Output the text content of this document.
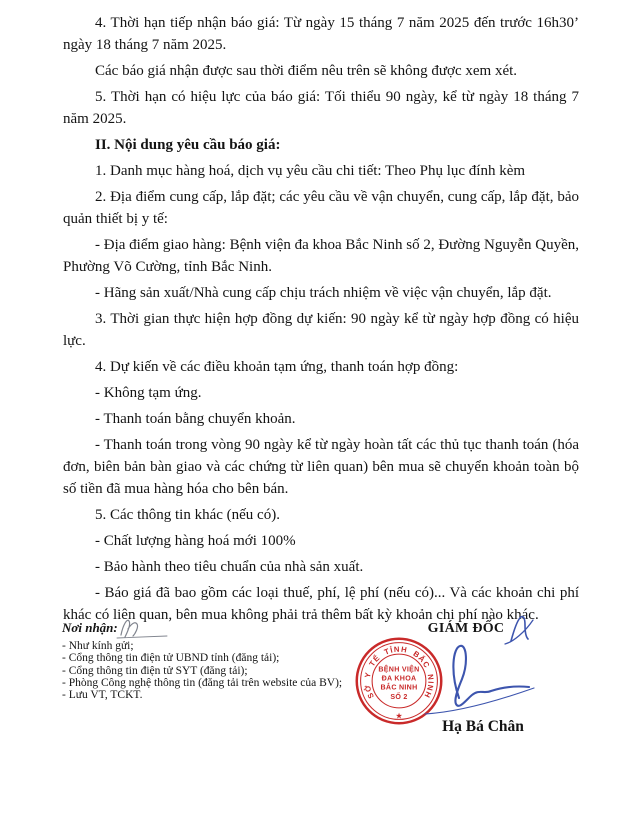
4. Thời hạn tiếp nhận báo giá: Từ ngày 15 tháng 7 năm 2025 đến trước 16h30’ ngày 18 tháng 7 năm 2025.

Các báo giá nhận được sau thời điểm nêu trên sẽ không được xem xét.

5. Thời hạn có hiệu lực của báo giá: Tối thiểu 90 ngày, kể từ ngày 18 tháng 7 năm 2025.

II. Nội dung yêu cầu báo giá:

1. Danh mục hàng hoá, dịch vụ yêu cầu chi tiết: Theo Phụ lục đính kèm

2. Địa điểm cung cấp, lắp đặt; các yêu cầu về vận chuyển, cung cấp, lắp đặt, bảo quản thiết bị y tế:

- Địa điểm giao hàng: Bệnh viện đa khoa Bắc Ninh số 2, Đường Nguyễn Quyền, Phường Võ Cường, tỉnh Bắc Ninh.

- Hãng sản xuất/Nhà cung cấp chịu trách nhiệm về việc vận chuyển, lắp đặt.

3. Thời gian thực hiện hợp đồng dự kiến: 90 ngày kể từ ngày hợp đồng có hiệu lực.

4. Dự kiến về các điều khoản tạm ứng, thanh toán hợp đồng:

- Không tạm ứng.

- Thanh toán bằng chuyển khoản.

- Thanh toán trong vòng 90 ngày kể từ ngày hoàn tất các thủ tục thanh toán (hóa đơn, biên bản bàn giao và các chứng từ liên quan) bên mua sẽ chuyển khoản toàn bộ số tiền đã mua hàng hóa cho bên bán.

5. Các thông tin khác (nếu có).

- Chất lượng hàng hoá mới 100%

- Bảo hành theo tiêu chuẩn của nhà sản xuất.

- Báo giá đã bao gồm các loại thuế, phí, lệ phí (nếu có)... Và các khoản chi phí khác có liên quan, bên mua không phải trả thêm bất kỳ khoản chi phí nào khác.

Nơi nhận:
- Như kính gửi;
- Cổng thông tin điện tử UBND tỉnh (đăng tải);
- Cổng thông tin điện tử SYT (đăng tải);
- Phòng Công nghệ thông tin (đăng tải trên website của BV);
- Lưu VT, TCKT.
GIÁM ĐỐC
SỞ Y TẾ TỈNH BẮC NINH
BỆNH VIỆN
ĐA KHOA
BẮC NINH
SỐ 2
★
Hạ Bá Chân
